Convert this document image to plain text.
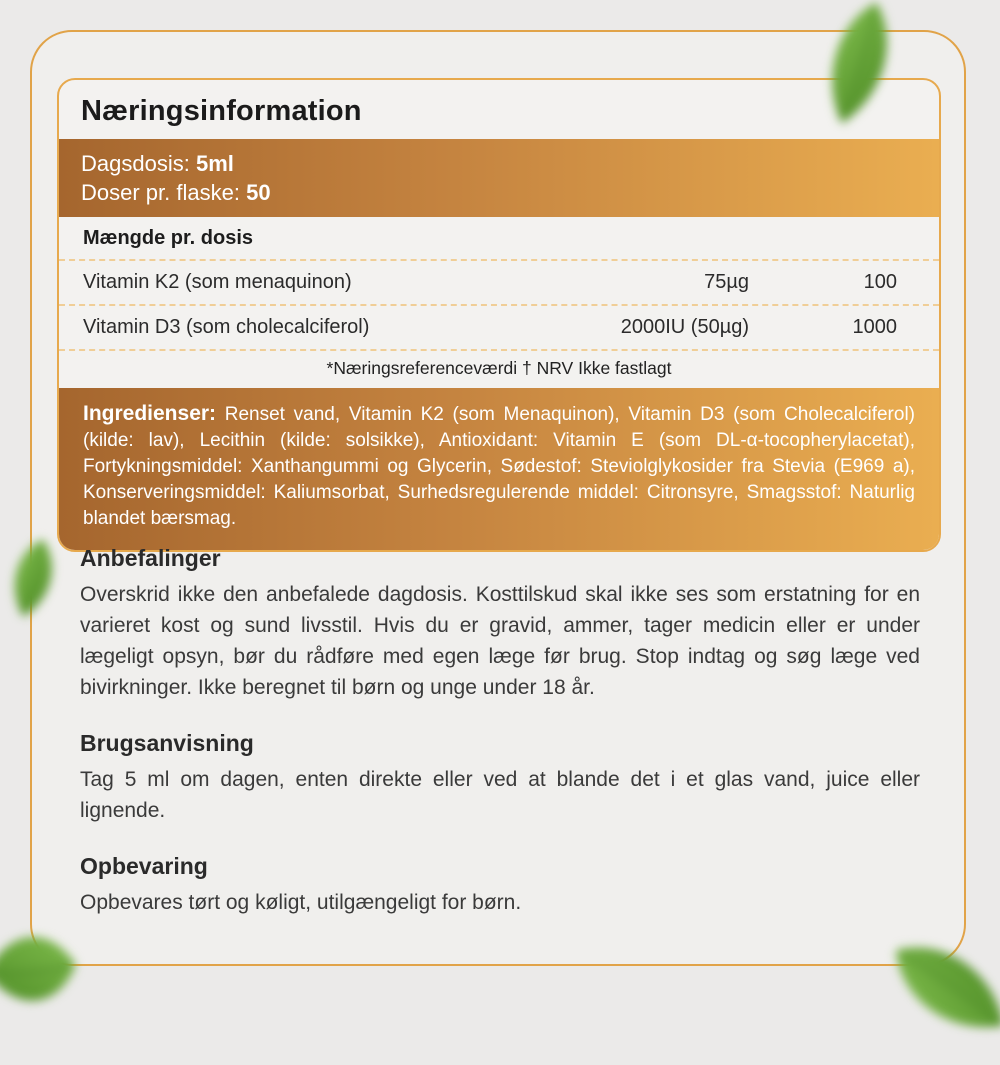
Næringsinformation
Dagsdosis: 5ml
Doser pr. flaske: 50
Mængde pr. dosis
Vitamin K2 (som menaquinon)	75µg	100
Vitamin D3 (som cholecalciferol)	2000IU (50µg)	1000
*Næringsreferenceværdi † NRV Ikke fastlagt
Ingredienser: Renset vand, Vitamin K2 (som Menaquinon), Vitamin D3 (som Cholecalciferol) (kilde: lav), Lecithin (kilde: solsikke), Antioxidant: Vitamin E (som DL-α-tocopherylacetat), Fortykningsmiddel: Xanthangummi og Glycerin, Sødestof: Steviolglykosider fra Stevia (E969 a), Konserveringsmiddel: Kaliumsorbat, Surhedsregulerende middel: Citronsyre, Smagsstof: Naturlig blandet bærsmag.
Anbefalinger

Overskrid ikke den anbefalede dagdosis. Kosttilskud skal ikke ses som erstatning for en varieret kost og sund livsstil. Hvis du er gravid, ammer, tager medicin eller er under lægeligt opsyn, bør du rådføre med egen læge før brug. Stop indtag og søg læge ved bivirkninger. Ikke beregnet til børn og unge under 18 år.

Brugsanvisning

Tag 5 ml om dagen, enten direkte eller ved at blande det i et glas vand, juice eller lignende.

Opbevaring

Opbevares tørt og køligt, utilgængeligt for børn.
